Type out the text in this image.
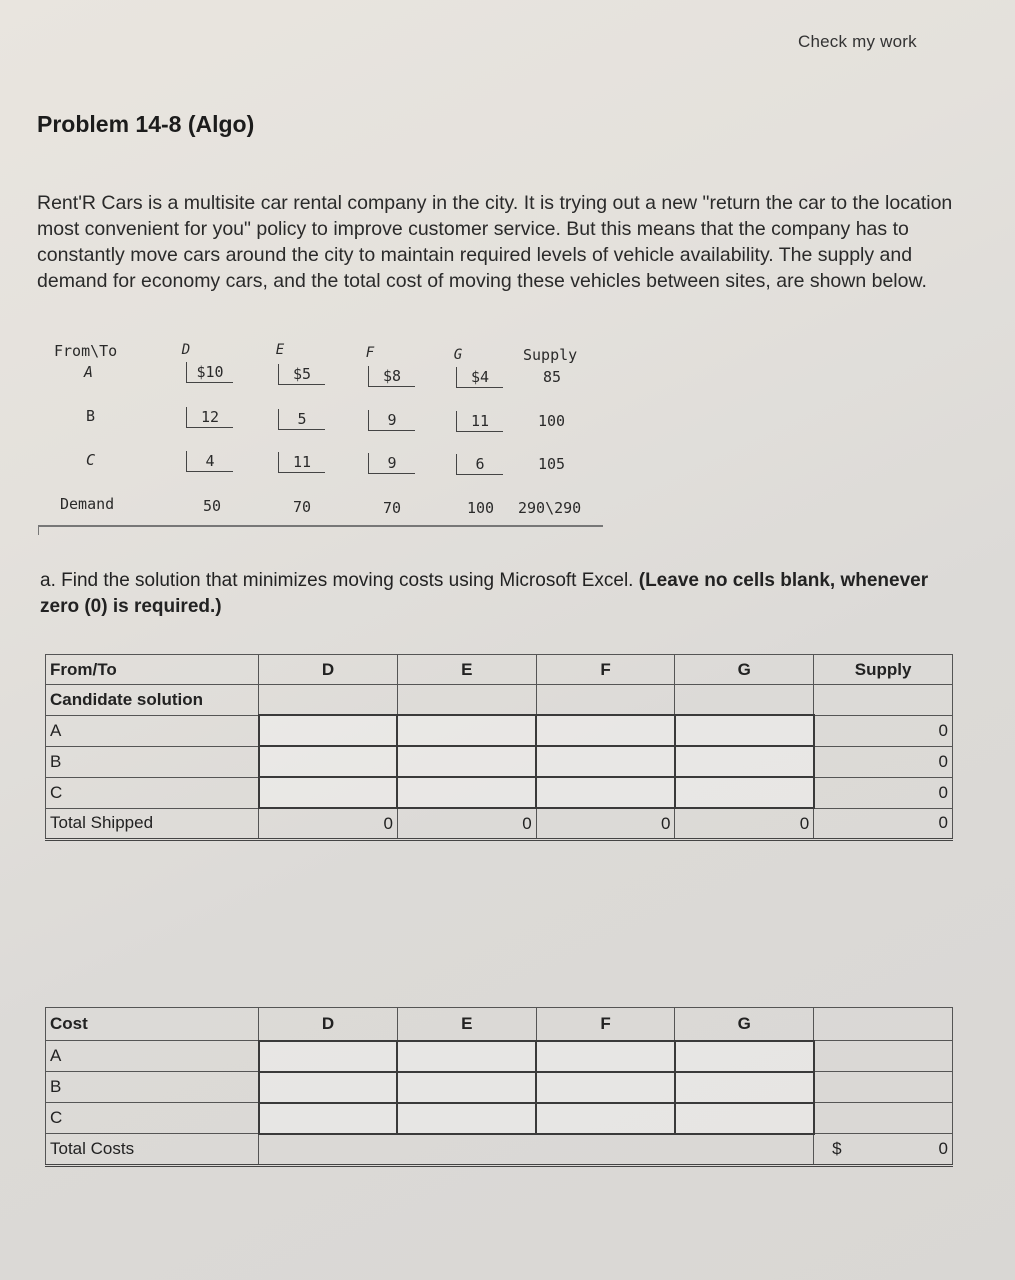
Check my work
Problem 14-8 (Algo)

Rent'R Cars is a multisite car rental company in the city. It is trying out a new "return the car to the location most convenient for you" policy to improve customer service. But this means that the company has to constantly move cars around the city to maintain required levels of vehicle availability. The supply and demand for economy cars, and the total cost of moving these vehicles between sites, are shown below.

From\To	D	E	F	G	Supply
A	$10	$5	$8	$4	85
B	12	5	9	11	100
C	4	11	9	6	105
Demand	50	70	70	100 290\290

a. Find the solution that minimizes moving costs using Microsoft Excel. (Leave no cells blank, whenever zero (0) is required.)

From/To	D	E	F	G	Supply
Candidate solution					
A					0
B					0
C					0
Total Shipped	0	0	0	0	0
Cost	D	E	F	G	
A					
B					
C					
Total Costs					$ 0
